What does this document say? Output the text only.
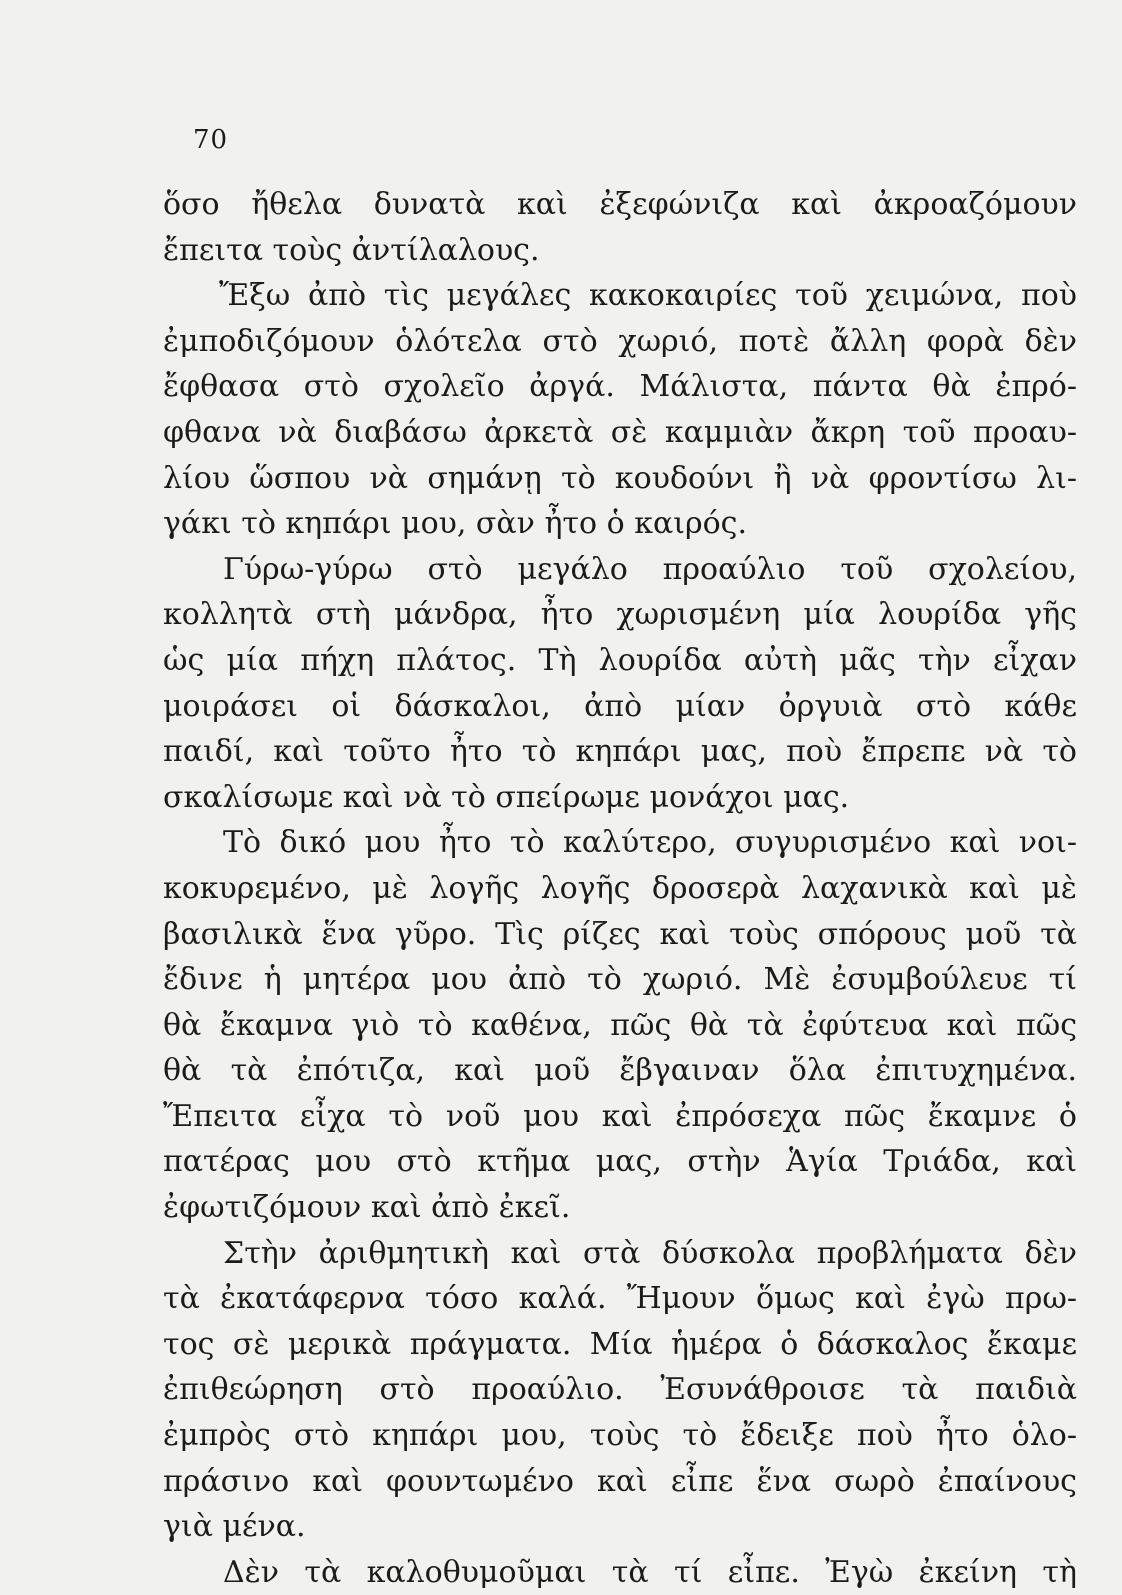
70
ὅσο ἤθελα δυνατὰ καὶ ἐξεφώνιζα καὶ ἀκροαζόμουν
ἔπειτα τοὺς ἀντίλαλους.
Ἔξω ἀπὸ τὶς μεγάλες κακοκαιρίες τοῦ χειμώνα, ποὺ
ἐμποδιζόμουν ὁλότελα στὸ χωριό, ποτὲ ἄλλη φορὰ δὲν
ἔφθασα στὸ σχολεῖο ἀργά. Μάλιστα, πάντα θὰ ἐπρό-
φθανα νὰ διαβάσω ἀρκετὰ σὲ καμμιὰν ἄκρη τοῦ προαυ-
λίου ὥσπου νὰ σημάνῃ τὸ κουδούνι ἢ νὰ φροντίσω λι-
γάκι τὸ κηπάρι μου, σὰν ἦτο ὁ καιρός.
Γύρω-γύρω στὸ μεγάλο προαύλιο τοῦ σχολείου,
κολλητὰ στὴ μάνδρα, ἦτο χωρισμένη μία λουρίδα γῆς
ὡς μία πήχη πλάτος. Τὴ λουρίδα αὐτὴ μᾶς τὴν εἶχαν
μοιράσει οἱ δάσκαλοι, ἀπὸ μίαν ὀργυιὰ στὸ κάθε
παιδί, καὶ τοῦτο ἦτο τὸ κηπάρι μας, ποὺ ἔπρεπε νὰ τὸ
σκαλίσωμε καὶ νὰ τὸ σπείρωμε μονάχοι μας.
Τὸ δικό μου ἦτο τὸ καλύτερο, συγυρισμένο καὶ νοι-
κοκυρεμένο, μὲ λογῆς λογῆς δροσερὰ λαχανικὰ καὶ μὲ
βασιλικὰ ἕνα γῦρο. Τὶς ρίζες καὶ τοὺς σπόρους μοῦ τὰ
ἔδινε ἡ μητέρα μου ἀπὸ τὸ χωριό. Μὲ ἐσυμβούλευε τί
θὰ ἔκαμνα γιὸ τὸ καθένα, πῶς θὰ τὰ ἐφύτευα καὶ πῶς
θὰ τὰ ἐπότιζα, καὶ μοῦ ἔβγαιναν ὅλα ἐπιτυχημένα.
Ἔπειτα εἶχα τὸ νοῦ μου καὶ ἐπρόσεχα πῶς ἔκαμνε ὁ
πατέρας μου στὸ κτῆμα μας, στὴν Ἁγία Τριάδα, καὶ
ἐφωτιζόμουν καὶ ἀπὸ ἐκεῖ.
Στὴν ἀριθμητικὴ καὶ στὰ δύσκολα προβλήματα δὲν
τὰ ἐκατάφερνα τόσο καλά. Ἤμουν ὅμως καὶ ἐγὼ πρω-
τος σὲ μερικὰ πράγματα. Μία ἡμέρα ὁ δάσκαλος ἔκαμε
ἐπιθεώρηση στὸ προαύλιο. Ἐσυνάθροισε τὰ παιδιὰ
ἐμπρὸς στὸ κηπάρι μου, τοὺς τὸ ἔδειξε ποὺ ἦτο ὁλο-
πράσινο καὶ φουντωμένο καὶ εἶπε ἕνα σωρὸ ἐπαίνους
γιὰ μένα.
Δὲν τὰ καλοθυμοῦμαι τὰ τί εἶπε. Ἐγὼ ἐκείνη τὴ
